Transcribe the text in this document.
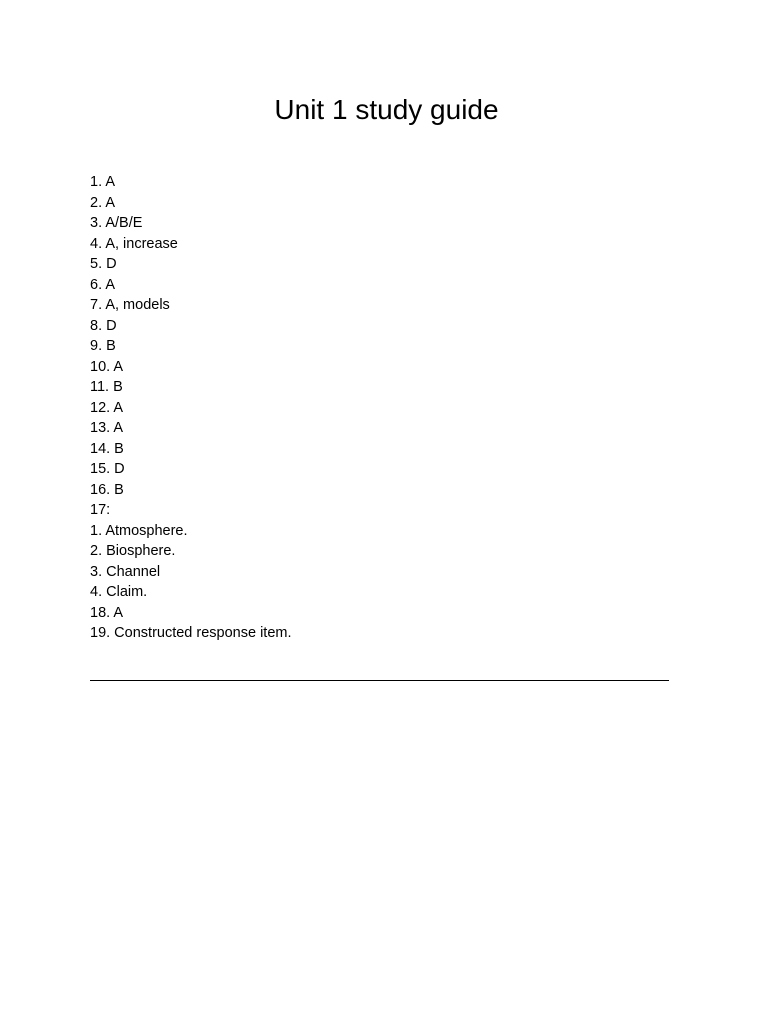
Unit 1 study guide
1. A
2. A
3. A/B/E
4. A, increase
5. D
6. A
7. A, models
8. D
9. B
10. A
11. B
12. A
13. A
14. B
15. D
16. B
17:
1. Atmosphere.
2. Biosphere.
3. Channel
4. Claim.
18. A
19. Constructed response item.
